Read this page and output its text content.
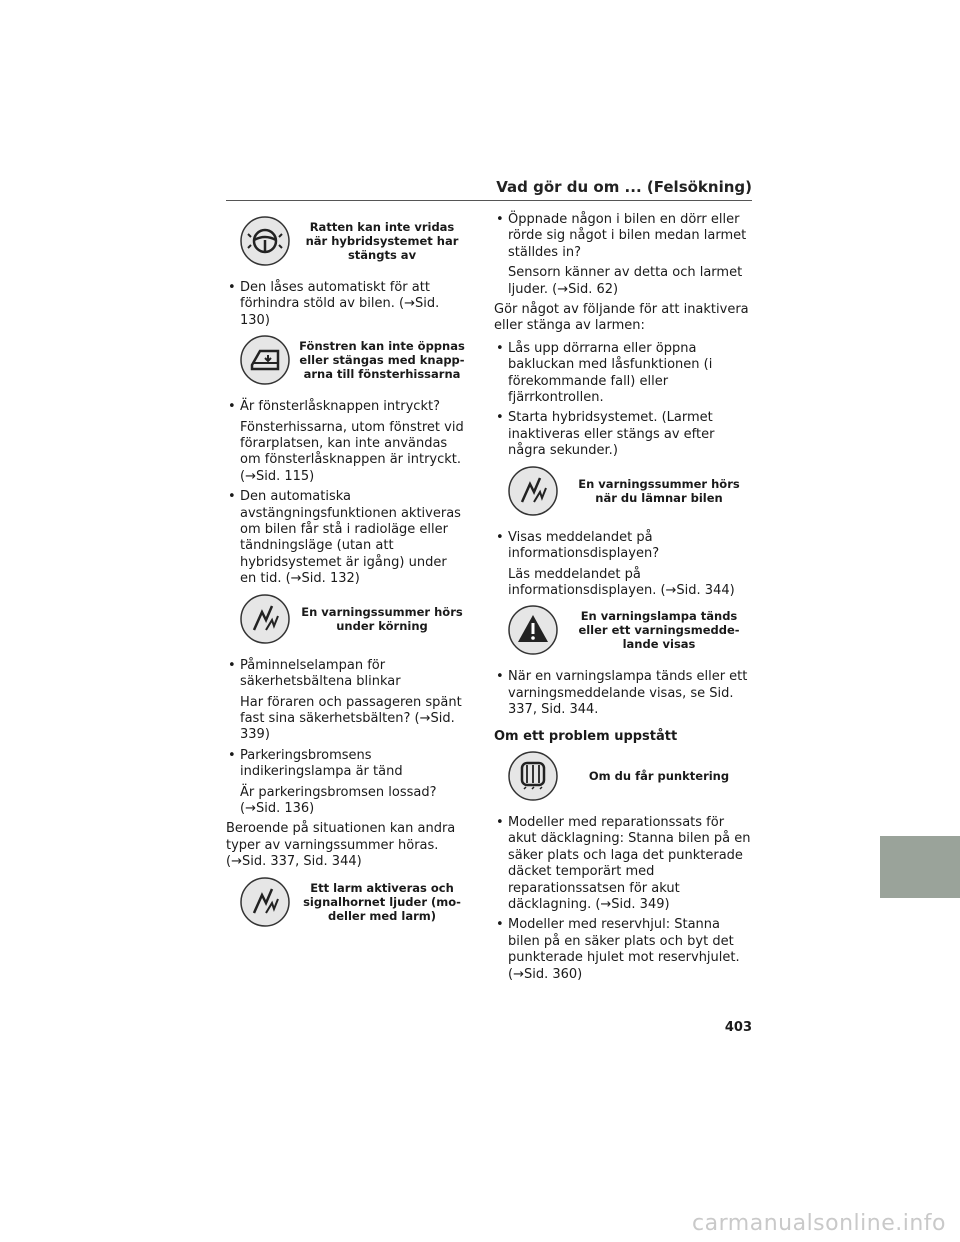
Vad gör du om ... (Felsökning)
Ratten kan inte vridas när hybridsystemet har stängts av
• Den låses automatiskt för att förhindra stöld av bilen. (→Sid. 130)
Fönstren kan inte öppnas eller stängas med knapp-arna till fönsterhissarna
• Är fönsterlåsknappen intryckt?
Fönsterhissarna, utom fönstret vid förarplatsen, kan inte användas om fönsterlåsknappen är intryckt. (→Sid. 115)
• Den automatiska avstängningsfunktionen aktiveras om bilen får stå i radioläge eller tändningsläge (utan att hybridsystemet är igång) under en tid. (→Sid. 132)
En varningssummer hörs under körning
• Påminnelselampan för säkerhetsbältena blinkar
Har föraren och passageren spänt fast sina säkerhetsbälten? (→Sid. 339)
• Parkeringsbromsens indikeringslampa är tänd
Är parkeringsbromsen lossad? (→Sid. 136)
Beroende på situationen kan andra typer av varningssummer höras. (→Sid. 337, Sid. 344)
Ett larm aktiveras och signalhornet ljuder (mo-deller med larm)
• Öppnade någon i bilen en dörr eller rörde sig något i bilen medan larmet ställdes in?
Sensorn känner av detta och larmet ljuder. (→Sid. 62)
Gör något av följande för att inaktivera eller stänga av larmen:
• Lås upp dörrarna eller öppna bakluckan med låsfunktionen (i förekommande fall) eller fjärrkontrollen.
• Starta hybridsystemet. (Larmet inaktiveras eller stängs av efter några sekunder.)
En varningssummer hörs när du lämnar bilen
• Visas meddelandet på informationsdisplayen?
Läs meddelandet på informationsdisplayen. (→Sid. 344)
En varningslampa tänds eller ett varningsmedde-lande visas
• När en varningslampa tänds eller ett varningsmeddelande visas, se Sid. 337, Sid. 344.
Om ett problem uppstått
Om du får punktering
• Modeller med reparationssats för akut däcklagning: Stanna bilen på en säker plats och laga det punkterade däcket temporärt med reparationssatsen för akut däcklagning. (→Sid. 349)
• Modeller med reservhjul: Stanna bilen på en säker plats och byt det punkterade hjulet mot reservhjulet. (→Sid. 360)
403
carmanualsonline.info
